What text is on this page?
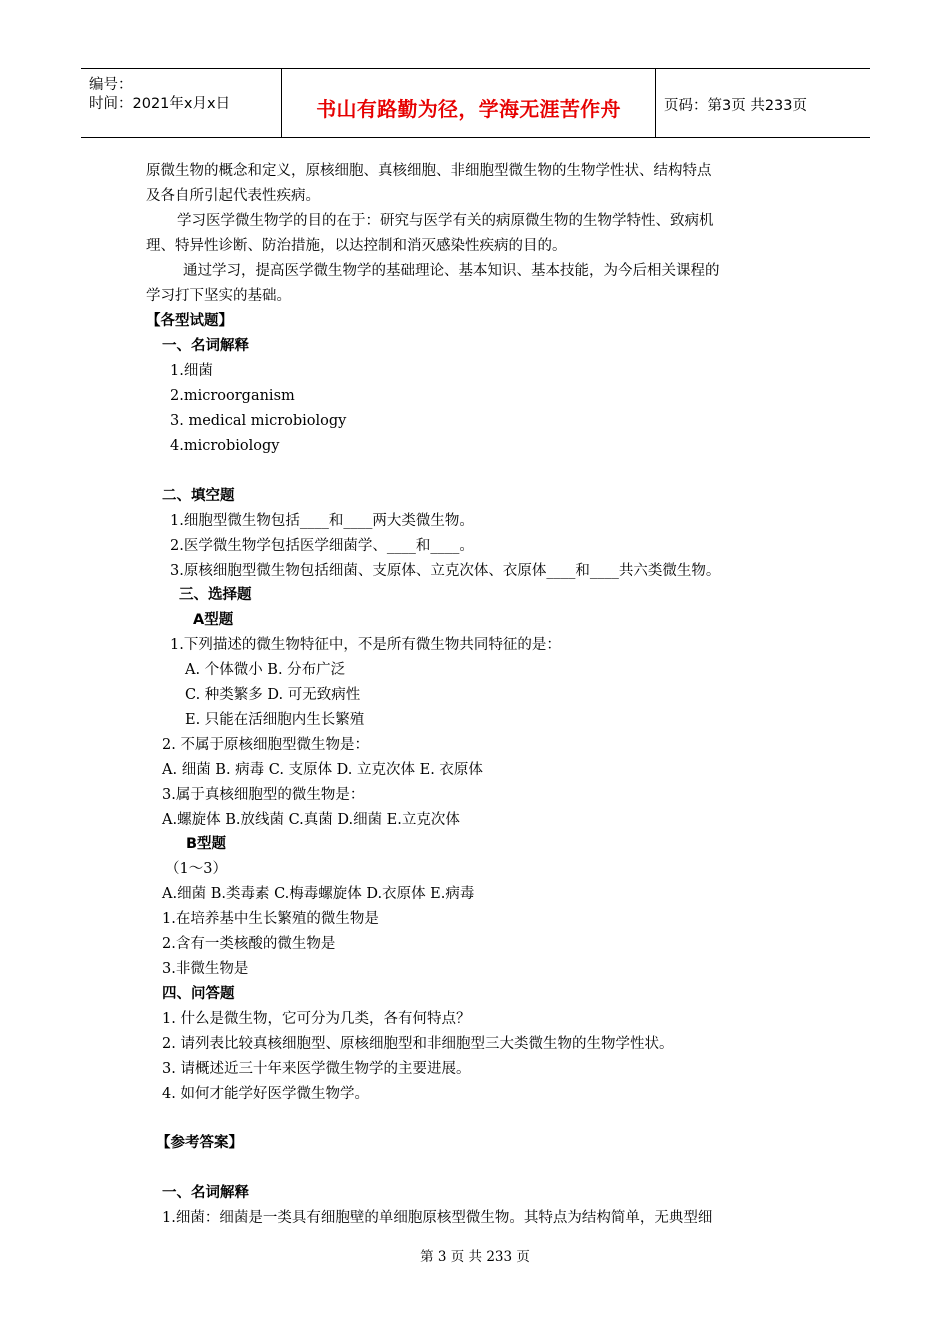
编号：
时间：2021年x月x日	书山有路勤为径，学海无涯苦作舟	页码：第3页 共233页
原微生物的概念和定义，原核细胞、真核细胞、非细胞型微生物的生物学性状、结构特点
及各自所引起代表性疾病。
学习医学微生物学的目的在于：研究与医学有关的病原微生物的生物学特性、致病机
理、特异性诊断、防治措施，以达控制和消灭感染性疾病的目的。
通过学习，提高医学微生物学的基础理论、基本知识、基本技能，为今后相关课程的
学习打下坚实的基础。
【各型试题】
一、名词解释
1.细菌
2.microorganism
3. medical microbiology
4.microbiology
二、填空题
1.细胞型微生物包括____和____两大类微生物。
2.医学微生物学包括医学细菌学、____和____。
3.原核细胞型微生物包括细菌、支原体、立克次体、衣原体____和____共六类微生物。
三、选择题
A型题
1.下列描述的微生物特征中，不是所有微生物共同特征的是：
A. 个体微小 B. 分布广泛
C. 种类繁多 D. 可无致病性
E. 只能在活细胞内生长繁殖
2. 不属于原核细胞型微生物是：
A. 细菌 B. 病毒 C. 支原体 D. 立克次体 E. 衣原体
3.属于真核细胞型的微生物是：
A.螺旋体 B.放线菌 C.真菌 D.细菌 E.立克次体
B型题
（1～3）
A.细菌 B.类毒素 C.梅毒螺旋体 D.衣原体 E.病毒
1.在培养基中生长繁殖的微生物是
2.含有一类核酸的微生物是
3.非微生物是
四、问答题
1. 什么是微生物，它可分为几类，各有何特点？
2. 请列表比较真核细胞型、原核细胞型和非细胞型三大类微生物的生物学性状。
3. 请概述近三十年来医学微生物学的主要进展。
4. 如何才能学好医学微生物学。
【参考答案】
一、名词解释
1.细菌：细菌是一类具有细胞壁的单细胞原核型微生物。其特点为结构简单，无典型细
第 3 页 共 233 页
